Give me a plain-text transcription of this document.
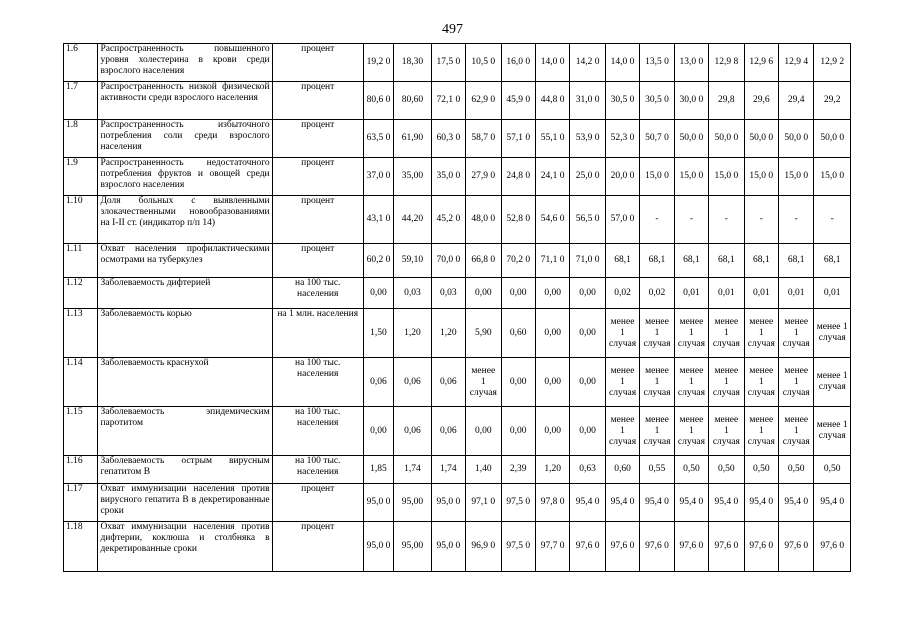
497
1.6	Распространенность повышенного уровня холестерина в крови среди взрослого населения	процент	19,2 0	18,30	17,5 0	10,5 0	16,0 0	14,0 0	14,2 0	14,0 0	13,5 0	13,0 0	12,9 8	12,9 6	12,9 4	12,9 2
1.7	Распространенность низкой физической активности среди взрослого населения	процент	80,6 0	80,60	72,1 0	62,9 0	45,9 0	44,8 0	31,0 0	30,5 0	30,5 0	30,0 0	29,8	29,6	29,4	29,2
1.8	Распространенность избыточного потребления соли среди взрослого населения	процент	63,5 0	61,90	60,3 0	58,7 0	57,1 0	55,1 0	53,9 0	52,3 0	50,7 0	50,0 0	50,0 0	50,0 0	50,0 0	50,0 0
1.9	Распространенность недостаточного потребления фруктов и овощей среди взрослого населения	процент	37,0 0	35,00	35,0 0	27,9 0	24,8 0	24,1 0	25,0 0	20,0 0	15,0 0	15,0 0	15,0 0	15,0 0	15,0 0	15,0 0
1.10	Доля больных с выявленными злокачественными новообразованиями на I-II ст. (индикатор п/п 14)	процент	43,1 0	44,20	45,2 0	48,0 0	52,8 0	54,6 0	56,5 0	57,0 0	-	-	-	-	-	-
1.11	Охват населения профилактическими осмотрами на туберкулез	процент	60,2 0	59,10	70,0 0	66,8 0	70,2 0	71,1 0	71,0 0	68,1	68,1	68,1	68,1	68,1	68,1	68,1
1.12	Заболеваемость дифтерией	на 100 тыс. населения	0,00	0,03	0,03	0,00	0,00	0,00	0,00	0,02	0,02	0,01	0,01	0,01	0,01	0,01
1.13	Заболеваемость корью	на 1 млн. населения	1,50	1,20	1,20	5,90	0,60	0,00	0,00	менее 1 случая	менее 1 случая	менее 1 случая	менее 1 случая	менее 1 случая	менее 1 случая	менее 1 случая
1.14	Заболеваемость краснухой	на 100 тыс. населения	0,06	0,06	0,06	менее 1 случая	0,00	0,00	0,00	менее 1 случая	менее 1 случая	менее 1 случая	менее 1 случая	менее 1 случая	менее 1 случая	менее 1 случая
1.15	Заболеваемость эпидемическим паротитом	на 100 тыс. населения	0,00	0,06	0,06	0,00	0,00	0,00	0,00	менее 1 случая	менее 1 случая	менее 1 случая	менее 1 случая	менее 1 случая	менее 1 случая	менее 1 случая
1.16	Заболеваемость острым вирусным гепатитом В	на 100 тыс. населения	1,85	1,74	1,74	1,40	2,39	1,20	0,63	0,60	0,55	0,50	0,50	0,50	0,50	0,50
1.17	Охват иммунизации населения против вирусного гепатита В в декретированные сроки	процент	95,0 0	95,00	95,0 0	97,1 0	97,5 0	97,8 0	95,4 0	95,4 0	95,4 0	95,4 0	95,4 0	95,4 0	95,4 0	95,4 0
1.18	Охват иммунизации населения против дифтерии, коклюша и столбняка в декретированные сроки	процент	95,0 0	95,00	95,0 0	96,9 0	97,5 0	97,7 0	97,6 0	97,6 0	97,6 0	97,6 0	97,6 0	97,6 0	97,6 0	97,6 0
